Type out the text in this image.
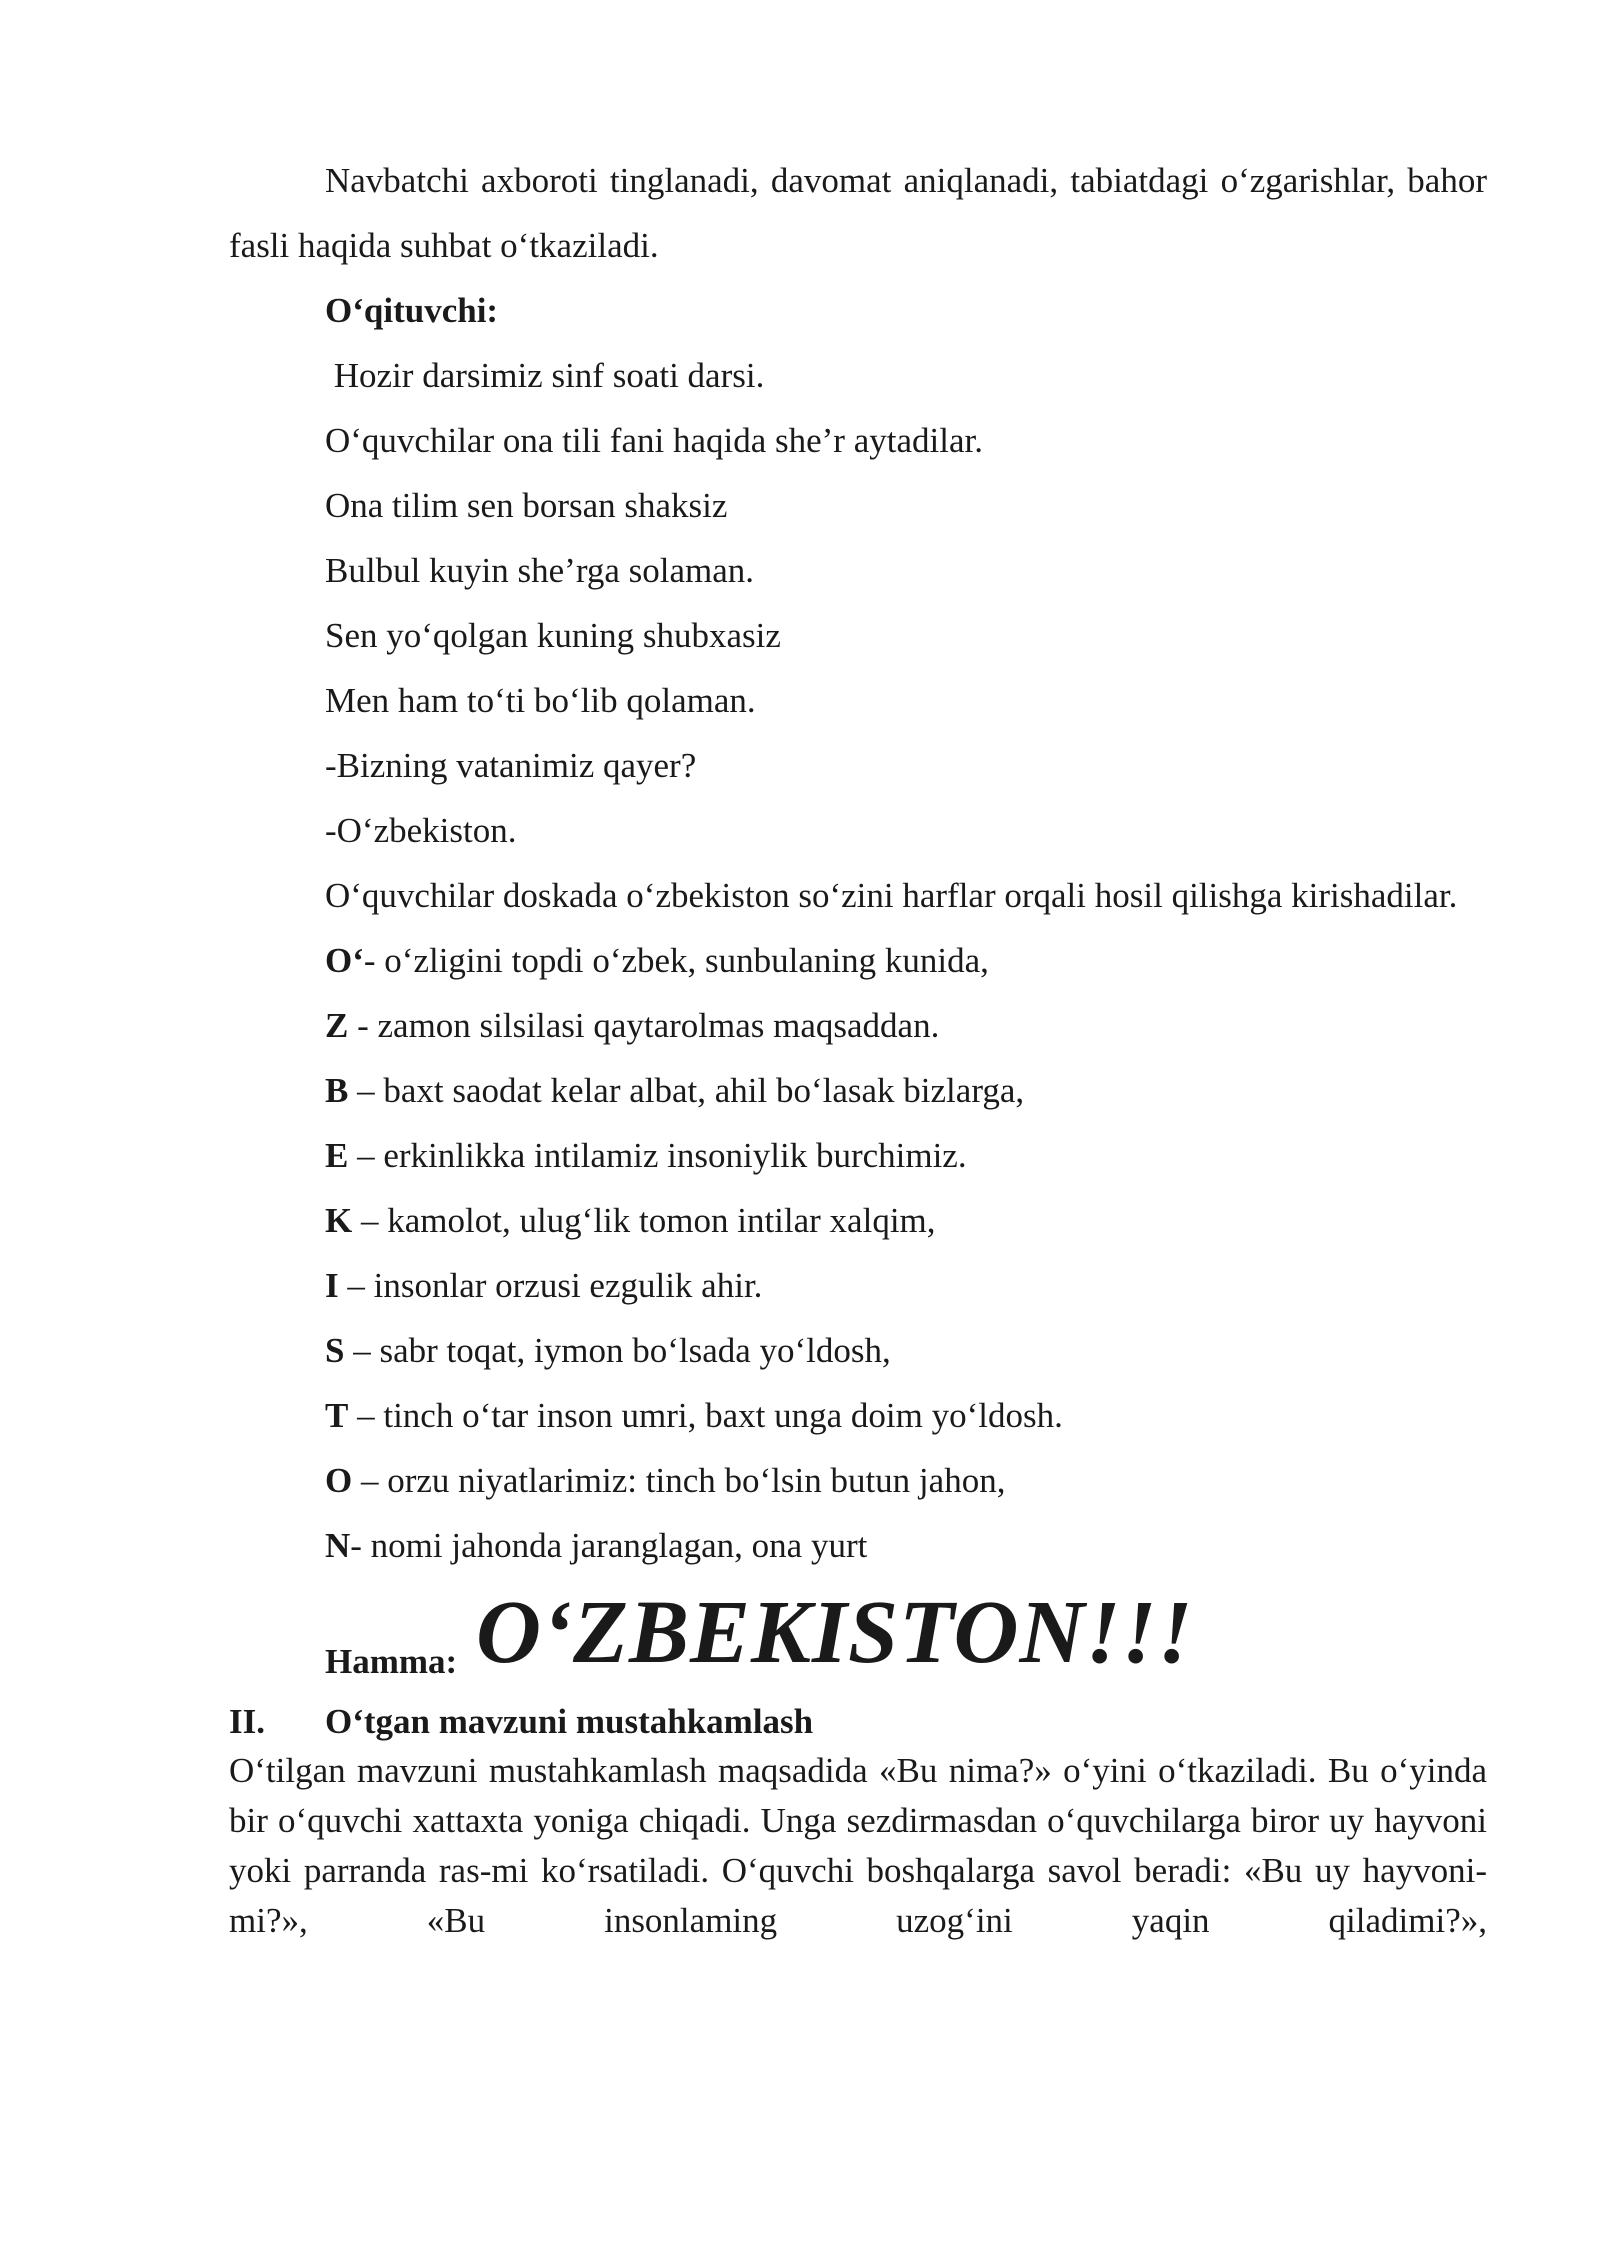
Navbatchi axboroti tinglanadi, davomat aniqlanadi, tabiatdagi o‘zgarishlar, bahor fasli haqida suhbat o‘tkaziladi.

O‘qituvchi:

Hozir darsimiz sinf soati darsi.

O‘quvchilar ona tili fani haqida she’r aytadilar.

Ona tilim sen borsan shaksiz

Bulbul kuyin she’rga solaman.

Sen yo‘qolgan kuning shubxasiz

Men ham to‘ti bo‘lib qolaman.

-Bizning vatanimiz qayer?

-O‘zbekiston.

O‘quvchilar doskada o‘zbekiston so‘zini harflar orqali hosil qilishga kirishadilar.

O‘- o‘zligini topdi o‘zbek, sunbulaning kunida,

Z - zamon silsilasi qaytarolmas maqsaddan.

B – baxt saodat kelar albat, ahil bo‘lasak bizlarga,

E – erkinlikka intilamiz insoniylik burchimiz.

K – kamolot, ulug‘lik tomon intilar xalqim,

I – insonlar orzusi ezgulik ahir.

S – sabr toqat, iymon bo‘lsada yo‘ldosh,

T – tinch o‘tar inson umri, baxt unga doim yo‘ldosh.

O – orzu niyatlarimiz: tinch bo‘lsin butun jahon,

N- nomi jahonda jaranglagan, ona yurt

Hamma: O‘ZBEKISTON!!!
II. O‘tgan mavzuni mustahkamlash

O‘tilgan mavzuni mustahkamlash maqsadida «Bu nima?» o‘yini o‘tkaziladi. Bu o‘yinda bir o‘quvchi xattaxta yoniga chiqadi. Unga sezdirmasdan o‘quvchilarga biror uy hayvoni yoki parranda ras-mi ko‘rsatiladi. O‘quvchi boshqalarga savol beradi: «Bu uy hayvoni-mi?», «Bu insonlaming uzog‘ini yaqin qiladimi?»,
